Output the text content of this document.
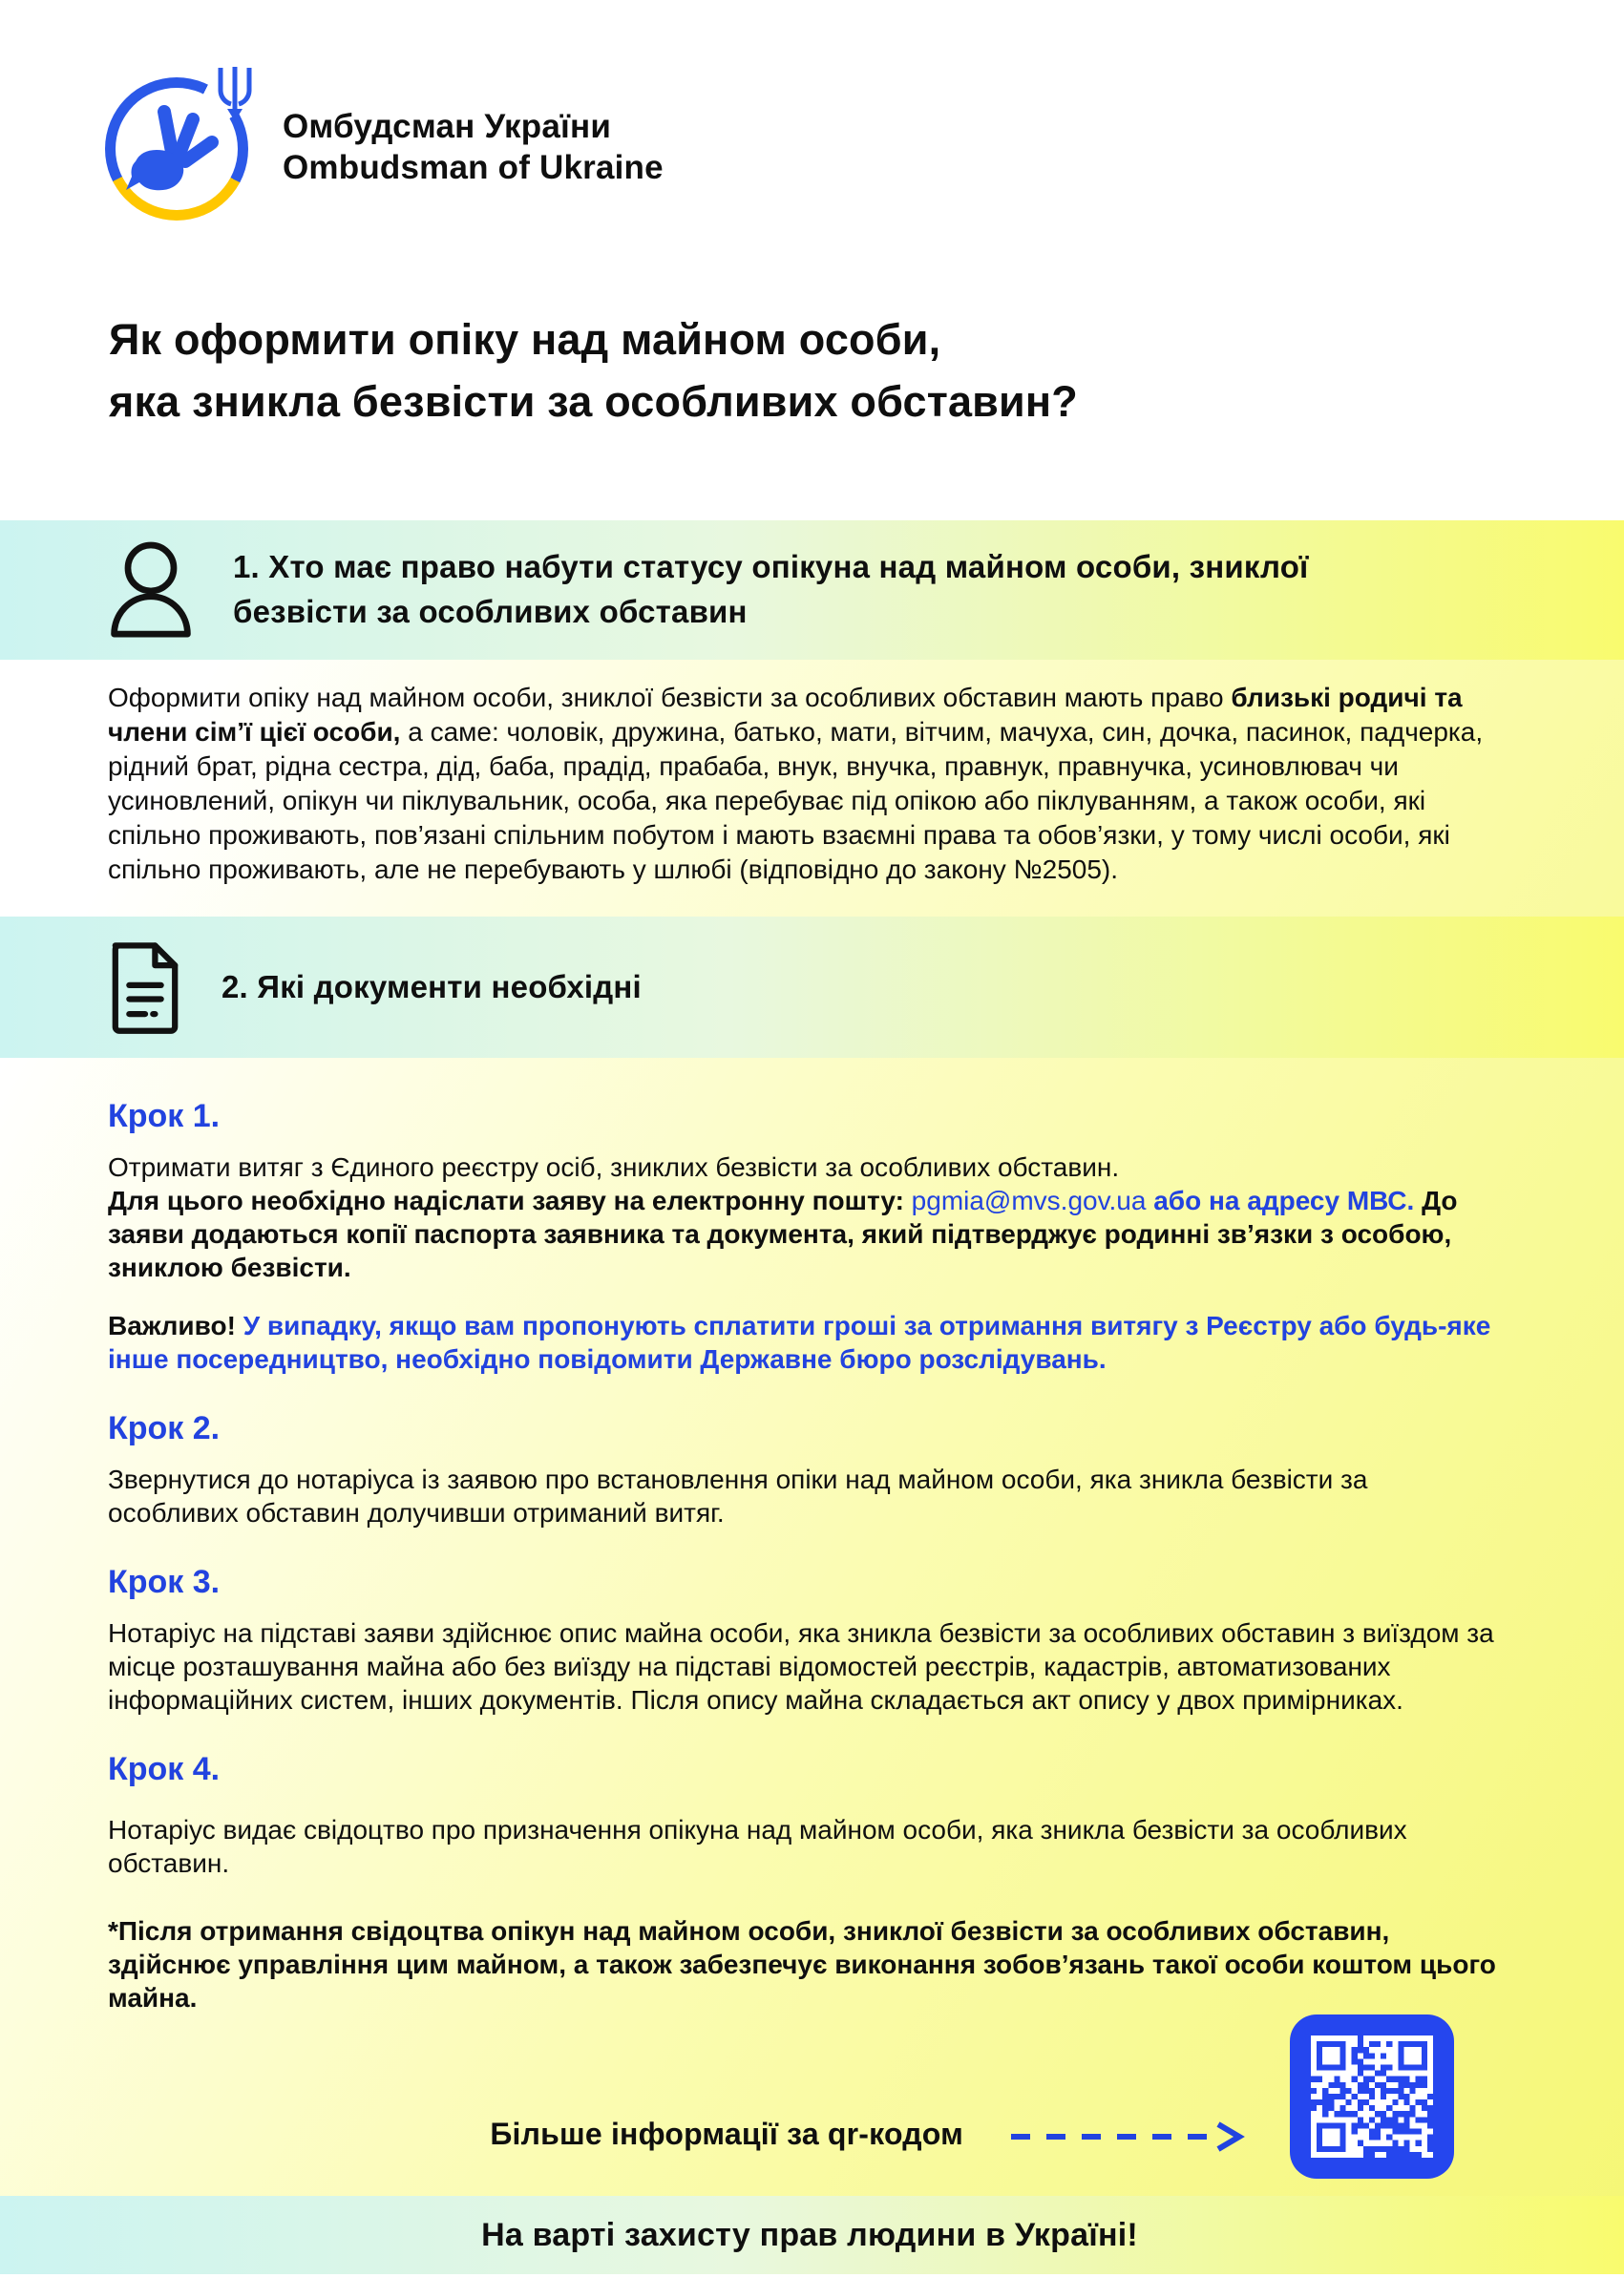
Омбудсман України
Ombudsman of Ukraine
Як оформити опіку над майном особи,
яка зникла безвісти за особливих обставин?
1. Хто має право набути статусу опікуна над майном особи, зниклої безвісти за особливих обставин

Оформити опіку над майном особи, зниклої безвісти за особливих обставин мають право близькі родичі та члени сім’ї цієї особи, а саме: чоловік, дружина, батько, мати, вітчим, мачуха, син, дочка, пасинок, падчерка, рідний брат, рідна сестра, дід, баба, прадід, прабаба, внук, внучка, правнук, правнучка, усиновлювач чи усиновлений, опікун чи піклувальник, особа, яка перебуває під опікою або піклуванням, а також особи, які спільно проживають, пов’язані спільним побутом і мають взаємні права та обов’язки, у тому числі особи, які спільно проживають, але не перебувають у шлюбі (відповідно до закону №2505).

2. Які документи необхідні
Крок 1.

Отримати витяг з Єдиного реєстру осіб, зниклих безвісти за особливих обставин.
Для цього необхідно надіслати заяву на електронну пошту: pgmia@mvs.gov.ua або на адресу МВС. До заяви додаються копії паспорта заявника та документа, який підтверджує родинні зв’язки з особою, зниклою безвісти.

Важливо! У випадку, якщо вам пропонують сплатити гроші за отримання витягу з Реєстру або будь-яке інше посередництво, необхідно повідомити Державне бюро розслідувань.

Крок 2.

Звернутися до нотаріуса із заявою про встановлення опіки над майном особи, яка зникла безвісти за особливих обставин долучивши отриманий витяг.

Крок 3.

Нотаріус на підставі заяви здійснює опис майна особи, яка зникла безвісти за особливих обставин з виїздом за місце розташування майна або без виїзду на підставі відомостей реєстрів, кадастрів, автоматизованих інформаційних систем, інших документів. Після опису майна складається акт опису у двох примірниках.

Крок 4.

Нотаріус видає свідоцтво про призначення опікуна над майном особи, яка зникла безвісти за особливих обставин.

*Після отримання свідоцтва опікун над майном особи, зниклої безвісти за особливих обставин, здійснює управління цим майном, а також забезпечує виконання зобов’язань такої особи коштом цього майна.

Більше інформації за qr-кодом
На варті захисту прав людини в Україні!
